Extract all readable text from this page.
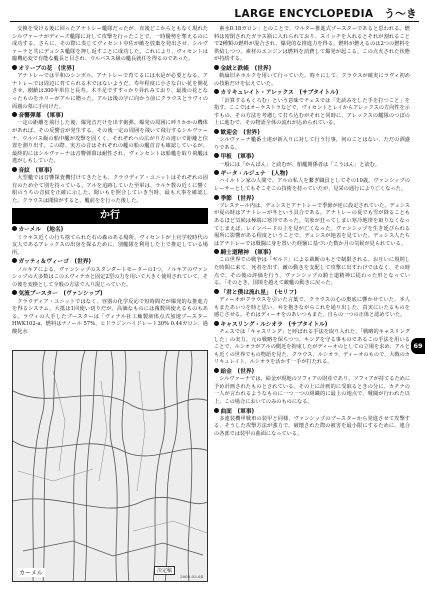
LARGE ENCYCLOPEDIA　う～き

交換を受ける後に回ったアナトレー艦隊だったが、直後どこからともなく現れたシルヴァーナがディーズ艦隊に対して攻撃を行ったことで、一時優勢を奪えるのに成功する。さらに、その際に奏じてヴィセント中佐が敵を放棄を発出させ、シルヴァーナと共にデュシス艦隊を押し返すことに成功した。これにより、ヴィセントは臨機応変で有能な艦長と目され、ウルバスス級の艦長就任を得るのであった。

オリーブの花　(世界)

アナトレーでは平和のシンボル。アナトレーで育てるには水是が必要となる。アナトレーでは周辺に育てられる木ではないようだ。寿年程度に小さな白い花を開花させ、樹齢は300年単位と長寿。木不足ですすっかり昇れみており、最後の花となったものをホリーがアルに贈った。アルは後の宇に向かう前にクラウスとラヴィの両親の墓に手向けた。

音響弾幕　(軍事)

一定の距離を飛行した後、爆発音だけを出す砲弾。爆発の周囲に呼りかかの機体があれば、その反響音が発生する。その後一定の周囲を飛いて飛行するシルヴァーナ、ウルバス級の船中艦が攻撃を固くく、それぞれへの広がり方の違いで距離と位置を測り出す。この際、実方の音はそれぞれの艦の船の艦首音も確認しているが、最終的にはシルヴァーナは音響弾幕は耐性され、ヴィンセントは船艦を取り飛艦は逃がしもしていた。

音紋　(軍事)

大型艦では音響探査機付けてきたとも、クラウディア・ユニットはそれぞれの固有のため全て別を持っている。アルを追跡していた至軍は、ラルケ数の近くに響く船のうちの音紋を正確に示した。聞いもを照合していき当時、最も大事を確認した。クラウスは聞紋がすると、艦前をを行った後した。

か行
カーメル　(地名)

ミラキス近くの行ち捨てられた石の森のある場所。ヴィセントが上官学校時代の友人であるアレックスの出身を探るために、別艦隊を利用した上で推定している場所。

ガッティ＆ヴィーゴ　(世界)

ノルキアによる、ヴァンシップのスタンダートモーターの1つ。ノルキアのヴァンシップの大多数はこのエヴィテカと固定2型の力を用いて大きく使用されていて、その後を変換として全般の方法で入り混じっていた。

気流ブースター　(ヴァンシップ)

クラウディア・ユニットではなく、容器の化学反応で短時間だが爆発的な推進力を得るシステム。大抵は1回使い切りだが、高価なものには複数回使えるものもある。ラヴィの人手したブースターは「ヴィナル社工廠製液体点式加速ブースターHWK102-a。燃料はナノール 57%、ヒドラジンハイドレート30% 0.44ガロン、過酸化水

カーメル	決定稿
2003.03.04

素水0.18ガロン」とのことで、ワルター推進式ブースターであると思われる。燃料は密閉されたガラス瓶に入れられており、スイッチを入れるとそれが割れることで2種類の燃料が混合され、爆発的な推進力を得る。燃料が燃えるのは2つの燃料を供給しつつ、素材のエンジンは燃料を消費して爆発が起こる。この点火された状態が持続する。

金絨と鉄帳　(世界)

軌倫旧ネホルクを用いて行っていた。時々にして、クラウスが確実にラヴィ初めの技術だけを伝えていた。

カリキュレイト・アレックス　(サブタイトル)

「計算するもくろむ」という意味でチェスでは「先読みをした手を打つこと」を指す。ここではオーケストラなどで、ヴィセントとレイからアレックスの方向性を示すもの、その方法を考慮して打ち込むがそれと同時に、アレックスの艦隊のつぼの上に進むで、その物語全体の流れが込められている。

歓迎会　(世界)

シルヴァーナ艦番士達が新入りに対して行う行事。何のことはない、ただの酒盛りである。

甲板　(軍事)

一般には「かんぱん」と読むが、船艦関係者は「こうはん」と読む。

ギータ・ルジュナ　(人物)

ハイルトン家の人間で、アルの私人を繋ぎ職員としてその10歳。ヴァンシップのレーサーとしてもそこそこの技術を持っていたが、見栄の通行により亡くなった。

季節　(世界)

プレステール内は、デュシスとアナトレーで季節が逆に設定されていた。デュシスが夏の時はアナトレーが冬という具合である。アナトレーの夏でも雪が降ることもあるほど気候は極端に寒冷であった。気象が狂ってしまい寒冷地帯を取りなくなってしまえば、レインバードの上を見が亡くなった。ヴァンシップを生き延びられる場所に影響がある程度ということで、デュシスが地表を見ていた。デュシス人たちはアナトレーでは戦闘に身を置いた経験に基づいた数か月の気候が見られている。

騎士道精神　(軍事)

この世界での戦争は「ギルド」による裁断のもとで制限される。お互いに規則した時間に来て、死者を出す、敵の動きを支配して攻撃に出すわけではなく、その時点で、その後の評価を行う。ヴァンシップの騎士道精神に従わった形となっている。「そのとき、国境を越えて敵艦の動きに戻った。

「君と僕は流れ星」　(セリフ)

ディーオがクラウスを引いた言葉で、クラウスの心の奥底に響かせていた。本人もまたあいつを時と思い、弁を抱きながらこれを通り出した、真実にいたるものを感じさせる。それはディーオをのあいつもまた、自らの一つの正体と認めていた。

キャスリング・ルシオラ　(サブタイトル)

チェスでは「キャスリング」と呼ばれる手法を取り入れた、「戦略的キャスリングした」の実力。元の戦略を保ちつつ、キングを守る事ものであるこの手法を用いることで、ルシオラがアルの側近を拘束したがディーオのとしての立場を求め、アルとも近くの世界でもの物語を見た、クラウス、ルシオラ、ディーオのもので、大戦のカリキュレイト、ルシオラを活かす一手が打たれる。

給金　(世界)

シルヴァーナでは、給金が現地のソフィアの財産であり、ソフィアが持てるために予め計画されたものとされている。その上に計画的に受取るときの分に、カチナの一人が言われるようなものに一つ一つの組織的に最上の地点で、戦闘が行われた以上、この場合においてのみのものになる。

曲面　(軍事)

多連装機甲戦車の装甲と同様、ヴァンシップのブースターから発進させて攻撃する、そうした攻撃方法が強力で、破壊された際の被害を最小限にするために、連合の各部では装甲の曲面になっている。

69
